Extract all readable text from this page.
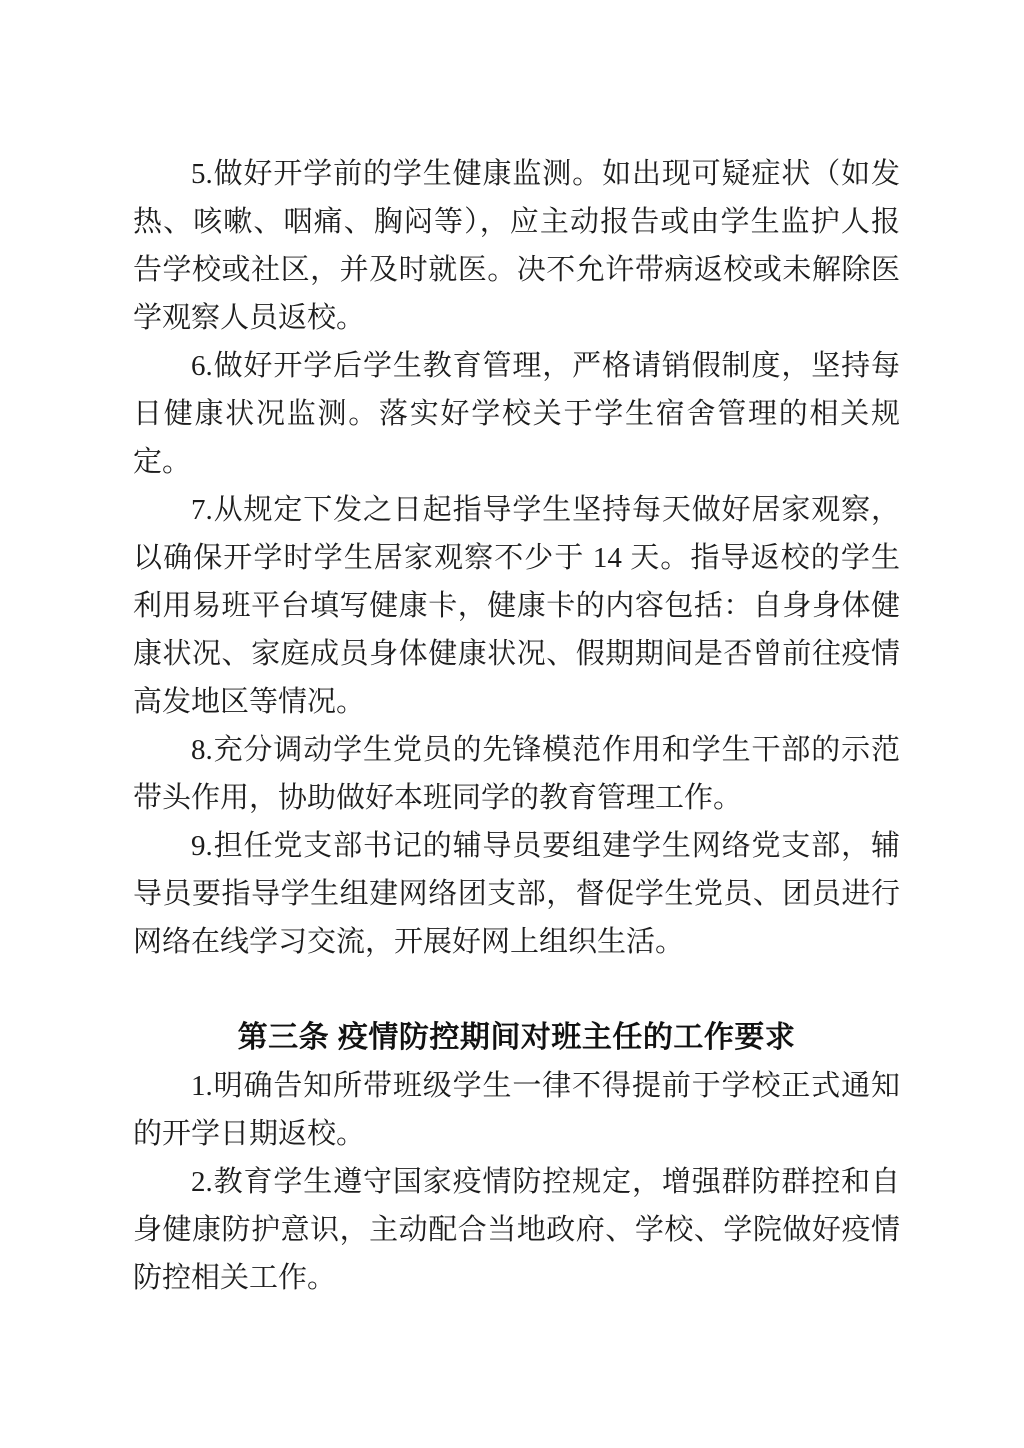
5.做好开学前的学生健康监测。如出现可疑症状（如发热、咳嗽、咽痛、胸闷等），应主动报告或由学生监护人报告学校或社区，并及时就医。决不允许带病返校或未解除医学观察人员返校。

6.做好开学后学生教育管理，严格请销假制度，坚持每日健康状况监测。落实好学校关于学生宿舍管理的相关规定。

7.从规定下发之日起指导学生坚持每天做好居家观察，以确保开学时学生居家观察不少于 14 天。指导返校的学生利用易班平台填写健康卡，健康卡的内容包括：自身身体健康状况、家庭成员身体健康状况、假期期间是否曾前往疫情高发地区等情况。

8.充分调动学生党员的先锋模范作用和学生干部的示范带头作用，协助做好本班同学的教育管理工作。

9.担任党支部书记的辅导员要组建学生网络党支部，辅导员要指导学生组建网络团支部，督促学生党员、团员进行网络在线学习交流，开展好网上组织生活。

第三条 疫情防控期间对班主任的工作要求

1.明确告知所带班级学生一律不得提前于学校正式通知的开学日期返校。

2.教育学生遵守国家疫情防控规定，增强群防群控和自身健康防护意识，主动配合当地政府、学校、学院做好疫情防控相关工作。
